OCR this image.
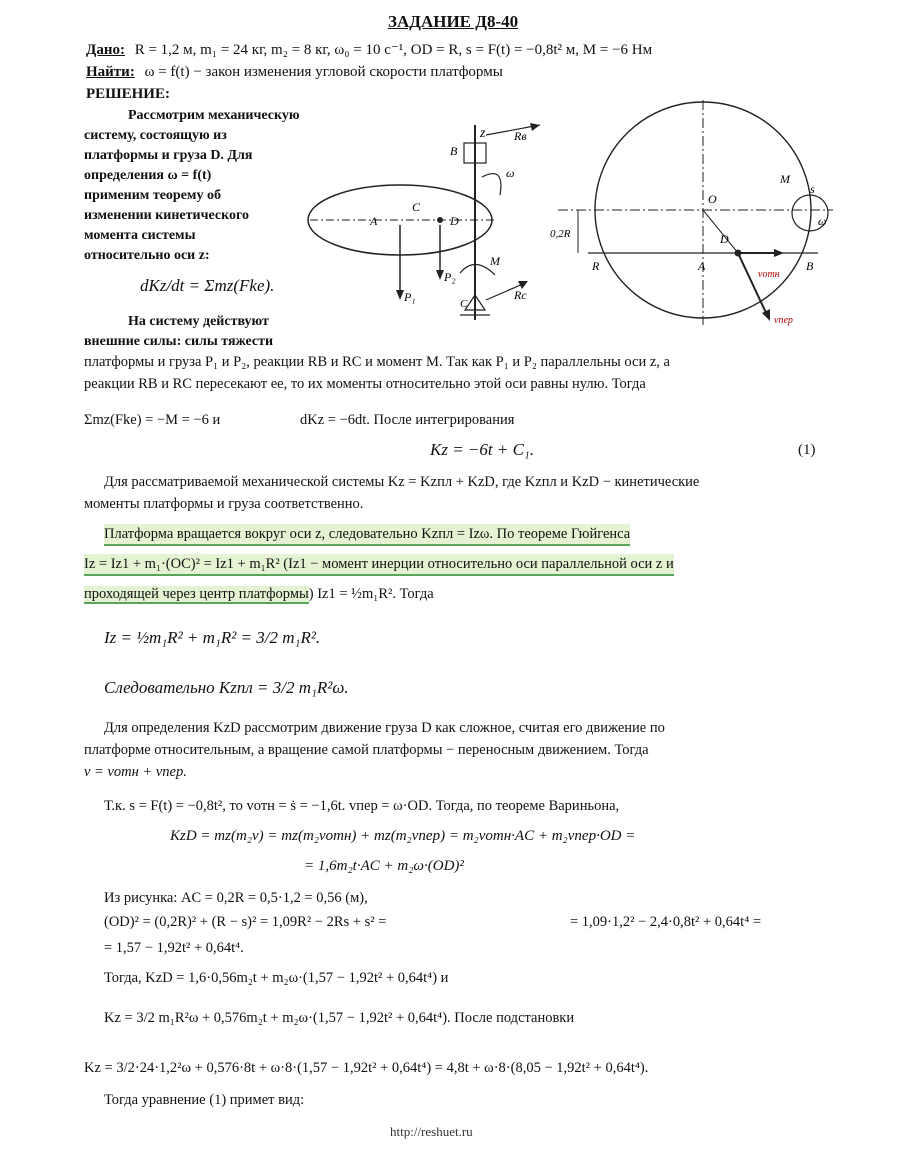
ЗАДАНИЕ Д8-40
Дано: R = 1,2 м, m₁ = 24 кг, m₂ = 8 кг, ω₀ = 10 с⁻¹, OD = R, s = F(t) = −0,8t² м, M = −6 Нм
Найти: ω = f(t) − закон изменения угловой скорости платформы
РЕШЕНИЕ:
Рассмотрим механическую
систему, состоящую из
платформы и груза D. Для
определения ω = f(t)
применим теорему об
изменении кинетического
момента системы
относительно оси z:
dKz/dt = Σmz(Fke).
На систему действуют
внешние силы: силы тяжести
z Rв
B
ω
A
C
D
P₁
P₂
M
C
Rc
O
R	A	B
0,2R	D
vотн
vпер
M
s
ω
платформы и груза P₁ и P₂, реакции RB и RC и момент M. Так как P₁ и P₂ параллельны оси z, а
реакции RB и RC пересекают ее, то их моменты относительно этой оси равны нулю. Тогда
Σmz(Fke) = −M = −6 и	dKz = −6dt. После интегрирования
Kz = −6t + C₁.	(1)
Для рассматриваемой механической системы Kz = Kzпл + KzD, где Kzпл и KzD − кинетические
моменты платформы и груза соответственно.
Платформа вращается вокруг оси z, следовательно Kzпл = Izω. По теореме Гюйгенса
Iz = Iz1 + m₁·(OC)² = Iz1 + m₁R² (Iz1 − момент инерции относительно оси параллельной оси z и
проходящей через центр платформы) Iz1 = ½m₁R². Тогда
Iz = ½m₁R² + m₁R² = 3/2 m₁R².
Следовательно Kzпл = 3/2 m₁R²ω.
Для определения KzD рассмотрим движение груза D как сложное, считая его движение по
платформе относительным, а вращение самой платформы − переносным движением. Тогда
v = vотн + vпер.
Т.к. s = F(t) = −0,8t², то vотн = ṡ = −1,6t. vпер = ω·OD. Тогда, по теореме Вариньона,
KzD = mz(m₂v) = mz(m₂vотн) + mz(m₂vпер) = m₂vотн·AC + m₂vпер·OD =
= 1,6m₂t·AC + m₂ω·(OD)²
Из рисунка: AC = 0,2R = 0,5·1,2 = 0,56 (м),
(OD)² = (0,2R)² + (R − s)² = 1,09R² − 2Rs + s² =	= 1,09·1,2² − 2,4·0,8t² + 0,64t⁴ =
= 1,57 − 1,92t² + 0,64t⁴.
Тогда, KzD = 1,6·0,56m₂t + m₂ω·(1,57 − 1,92t² + 0,64t⁴) и
Kz = 3/2 m₁R²ω + 0,576m₂t + m₂ω·(1,57 − 1,92t² + 0,64t⁴). После подстановки
Kz = 3/2·24·1,2²ω + 0,576·8t + ω·8·(1,57 − 1,92t² + 0,64t⁴) = 4,8t + ω·8·(8,05 − 1,92t² + 0,64t⁴).
Тогда уравнение (1) примет вид:
http://reshuet.ru
